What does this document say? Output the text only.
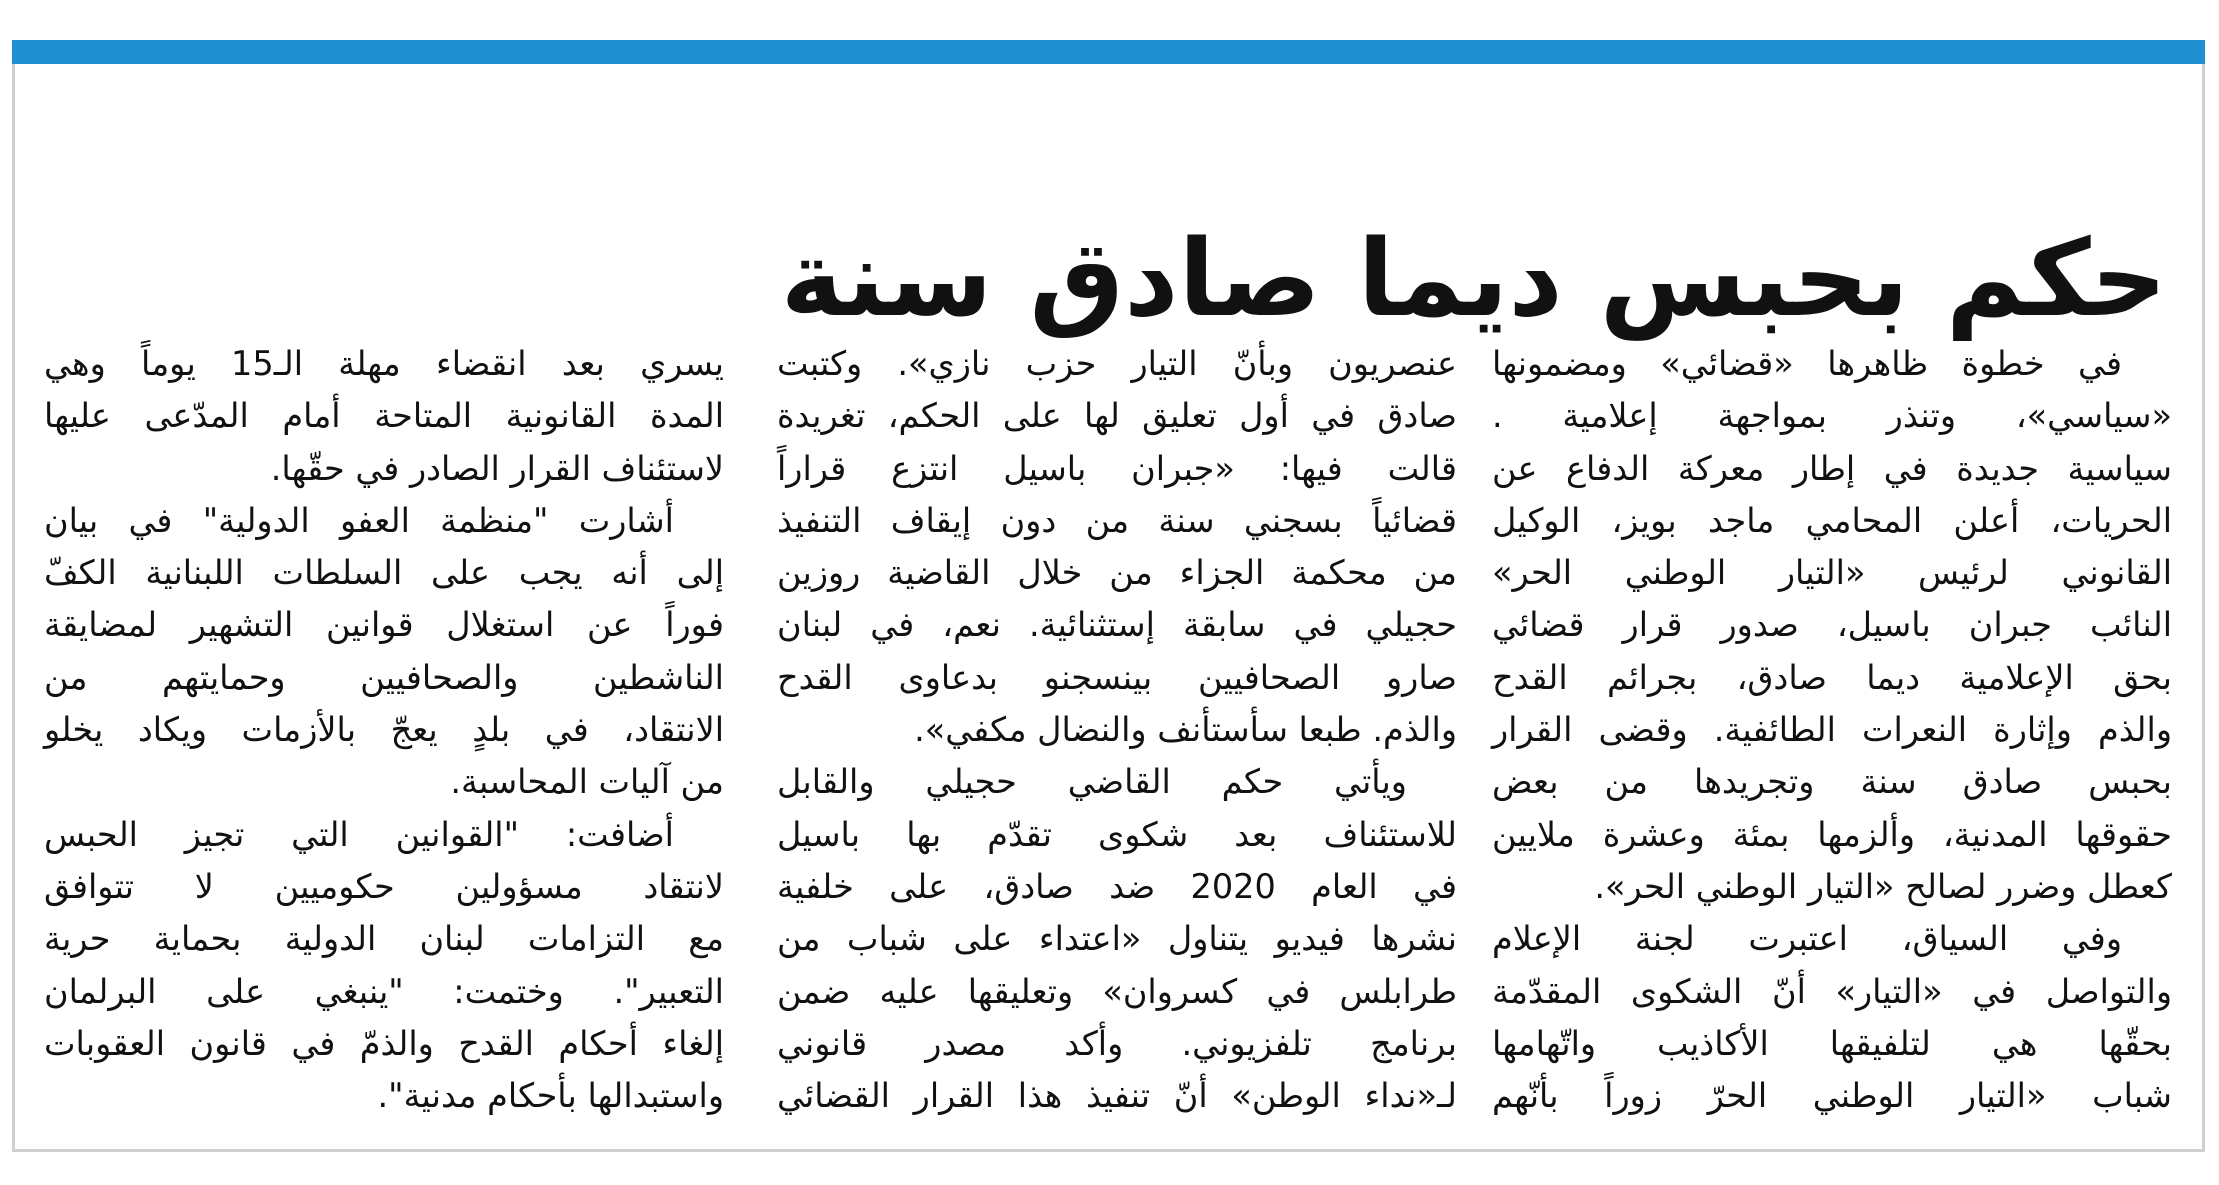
حكم بحبس ديما صادق سنة
في خطوة ظاهرها «قضائي» ومضمونها
«سياسي»، وتنذر بمواجهة إعلامية .
سياسية جديدة في إطار معركة الدفاع عن
الحريات، أعلن المحامي ماجد بويز، الوكيل
القانوني لرئيس «التيار الوطني الحر»
النائب جبران باسيل، صدور قرار قضائي
بحق الإعلامية ديما صادق، بجرائم القدح
والذم وإثارة النعرات الطائفية. وقضى القرار
بحبس صادق سنة وتجريدها من بعض
حقوقها المدنية، وألزمها بمئة وعشرة ملايين
كعطل وضرر لصالح «التيار الوطني الحر».
وفي السياق، اعتبرت لجنة الإعلام
والتواصل في «التيار» أنّ الشكوى المقدّمة
بحقّها هي لتلفيقها الأكاذيب واتّهامها
شباب «التيار الوطني الحرّ زوراً بأنّهم
عنصريون وبأنّ التيار حزب نازي». وكتبت
صادق في أول تعليق لها على الحكم، تغريدة
قالت فيها: «جبران باسيل انتزع قراراً
قضائياً بسجني سنة من دون إيقاف التنفيذ
من محكمة الجزاء من خلال القاضية روزين
حجيلي في سابقة إستثنائية. نعم، في لبنان
صارو الصحافيين بينسجنو بدعاوى القدح
والذم. طبعا سأستأنف والنضال مكفي».
ويأتي حكم القاضي حجيلي والقابل
للاستئناف بعد شكوى تقدّم بها باسيل
في العام 2020 ضد صادق، على خلفية
نشرها فيديو يتناول «اعتداء على شباب من
طرابلس في كسروان» وتعليقها عليه ضمن
برنامج تلفزيوني. وأكد مصدر قانوني
لـ«نداء الوطن» أنّ تنفيذ هذا القرار القضائي
يسري بعد انقضاء مهلة الـ15 يوماً وهي
المدة القانونية المتاحة أمام المدّعى عليها
لاستئناف القرار الصادر في حقّها.
أشارت "منظمة العفو الدولية" في بيان
إلى أنه يجب على السلطات اللبنانية الكفّ
فوراً عن استغلال قوانين التشهير لمضايقة
الناشطين والصحافيين وحمايتهم من
الانتقاد، في بلدٍ يعجّ بالأزمات ويكاد يخلو
من آليات المحاسبة.
أضافت: "القوانين التي تجيز الحبس
لانتقاد مسؤولين حكوميين لا تتوافق
مع التزامات لبنان الدولية بحماية حرية
التعبير". وختمت: "ينبغي على البرلمان
إلغاء أحكام القدح والذمّ في قانون العقوبات
واستبدالها بأحكام مدنية".
